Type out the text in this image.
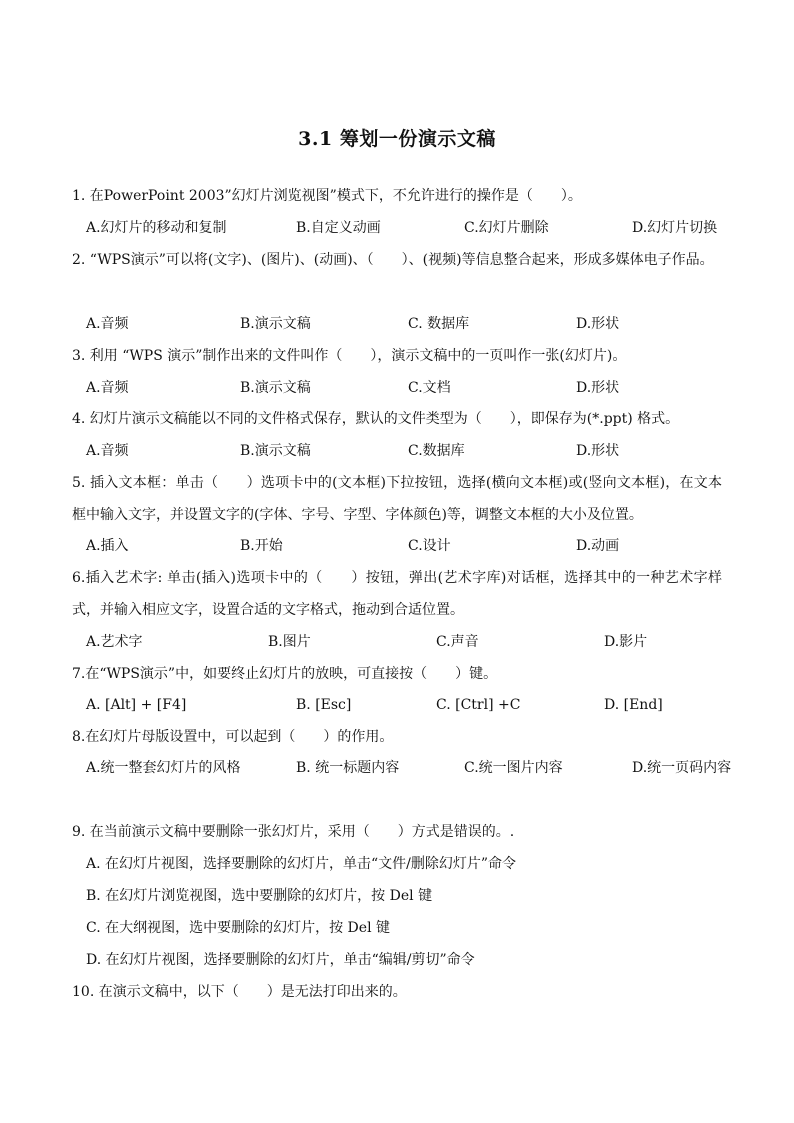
3.1 筹划一份演示文稿
1. 在PowerPoint 2003”幻灯片浏览视图”模式下，不允许进行的操作是（　　）。
A.幻灯片的移动和复制	B.自定义动画	C.幻灯片删除	D.幻灯片切换
2. “WPS演示”可以将(文字)、(图片)、(动画)、（　　）、(视频)等信息整合起来，形成多媒体电子作品。
A.音频	B.演示文稿	C. 数据库	D.形状
3. 利用 “WPS 演示”制作出来的文件叫作（　　），演示文稿中的一页叫作一张(幻灯片)。
A.音频	B.演示文稿	C.文档	D.形状
4. 幻灯片演示文稿能以不同的文件格式保存，默认的文件类型为（　　），即保存为(*.ppt) 格式。
A.音频	B.演示文稿	C.数据库	D.形状
5. 插入文本框：单击（　　）选项卡中的(文本框)下拉按钮，选择(横向文本框)或(竖向文本框)，在文本框中输入文字，并设置文字的(字体、字号、字型、字体颜色)等，调整文本框的大小及位置。
A.插入	B.开始	C.设计	D.动画
6.插入艺术字: 单击(插入)选项卡中的（　　）按钮，弹出(艺术字库)对话框，选择其中的一种艺术字样式，并输入相应文字，设置合适的文字格式，拖动到合适位置。
A.艺术字	B.图片	C.声音	D.影片
7.在“WPS演示”中，如要终止幻灯片的放映，可直接按（　　）键。
A. [Alt] + [F4]	B. [Esc]	C. [Ctrl] +C	D. [End]
8.在幻灯片母版设置中，可以起到（　　）的作用。
A.统一整套幻灯片的风格	B. 统一标题内容	C.统一图片内容	D.统一页码内容
9. 在当前演示文稿中要删除一张幻灯片，采用（　　）方式是错误的。.
A. 在幻灯片视图，选择要删除的幻灯片，单击“文件/删除幻灯片”命令
B. 在幻灯片浏览视图，选中要删除的幻灯片，按 Del 键
C. 在大纲视图，选中要删除的幻灯片，按 Del 键
D. 在幻灯片视图，选择要删除的幻灯片，单击“编辑/剪切”命令
10. 在演示文稿中，以下（　　）是无法打印出来的。
